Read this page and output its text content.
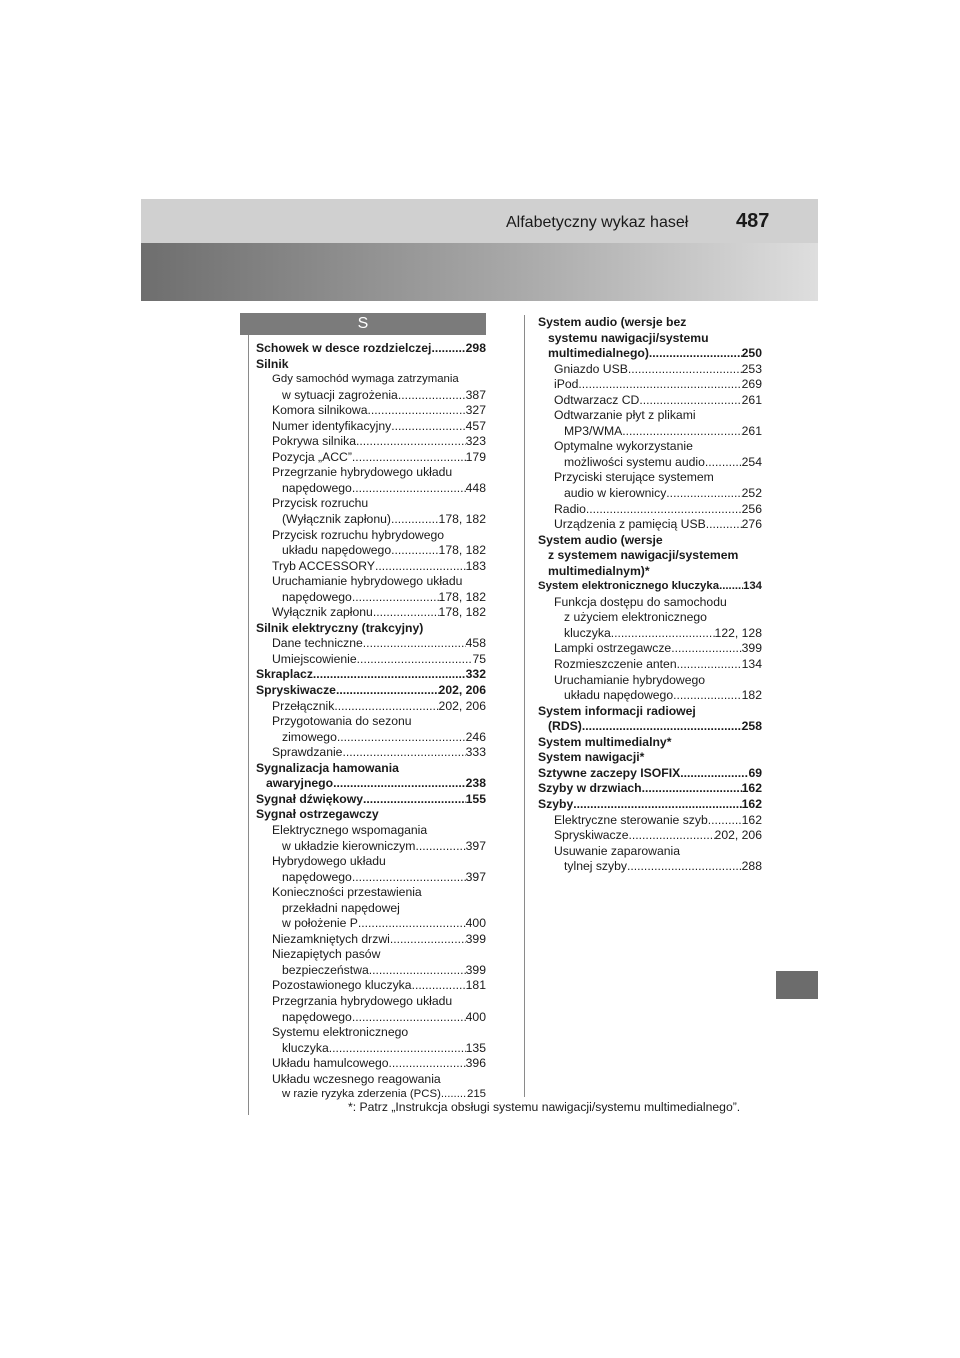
Alfabetyczny wykaz haseł 487
S
Schowek w desce rozdzielczej .....	298
Silnik
Gdy samochód wymaga zatrzymania
w sytuacji zagrożenia .....	387
Komora silnikowa .....	327
Numer identyfikacyjny .....	457
Pokrywa silnika .....	323
Pozycja „ACC” .....	179
Przegrzanie hybrydowego układu
napędowego .....	448
Przycisk rozruchu
(Wyłącznik zapłonu) .....	178, 182
Przycisk rozruchu hybrydowego
układu napędowego .....	178, 182
Tryb ACCESSORY .....	183
Uruchamianie hybrydowego układu
napędowego .....	178, 182
Wyłącznik zapłonu .....	178, 182
Silnik elektryczny (trakcyjny)
Dane techniczne .....	458
Umiejscowienie .....	75
Skraplacz .....	332
Spryskiwacze .....	202, 206
Przełącznik .....	202, 206
Przygotowania do sezonu
zimowego .....	246
Sprawdzanie .....	333
Sygnalizacja hamowania
awaryjnego .....	238
Sygnał dźwiękowy .....	155
Sygnał ostrzegawczy
Elektrycznego wspomagania
w układzie kierowniczym .....	397
Hybrydowego układu
napędowego .....	397
Konieczności przestawienia
przekładni napędowej
w położenie P .....	400
Niezamkniętych drzwi .....	399
Niezapiętych pasów
bezpieczeństwa .....	399
Pozostawionego kluczyka .....	181
Przegrzania hybrydowego układu
napędowego .....	400
Systemu elektronicznego
kluczyka .....	135
Układu hamulcowego .....	396
Układu wczesnego reagowania
w razie ryzyka zderzenia (PCS) ..... 215
System audio (wersje bez
systemu nawigacji/systemu
multimedialnego) .....	250
Gniazdo USB .....	253
iPod .....	269
Odtwarzacz CD .....	261
Odtwarzanie płyt z plikami
MP3/WMA .....	261
Optymalne wykorzystanie
możliwości systemu audio .....	254
Przyciski sterujące systemem
audio w kierownicy .....	252
Radio .....	256
Urządzenia z pamięcią USB .....	276
System audio (wersje
z systemem nawigacji/systemem
multimedialnym)*
System elektronicznego kluczyka ..... 134
Funkcja dostępu do samochodu
z użyciem elektronicznego
kluczyka .....	122, 128
Lampki ostrzegawcze .....	399
Rozmieszczenie anten .....	134
Uruchamianie hybrydowego
układu napędowego .....	182
System informacji radiowej
(RDS) .....	258
System multimedialny*
System nawigacji*
Sztywne zaczepy ISOFIX .....	69
Szyby w drzwiach .....	162
Szyby .....	162
Elektryczne sterowanie szyb .....	162
Spryskiwacze .....	202, 206
Usuwanie zaparowania
tylnej szyby .....	288
*: Patrz „Instrukcja obsługi systemu nawigacji/systemu multimedialnego”.
